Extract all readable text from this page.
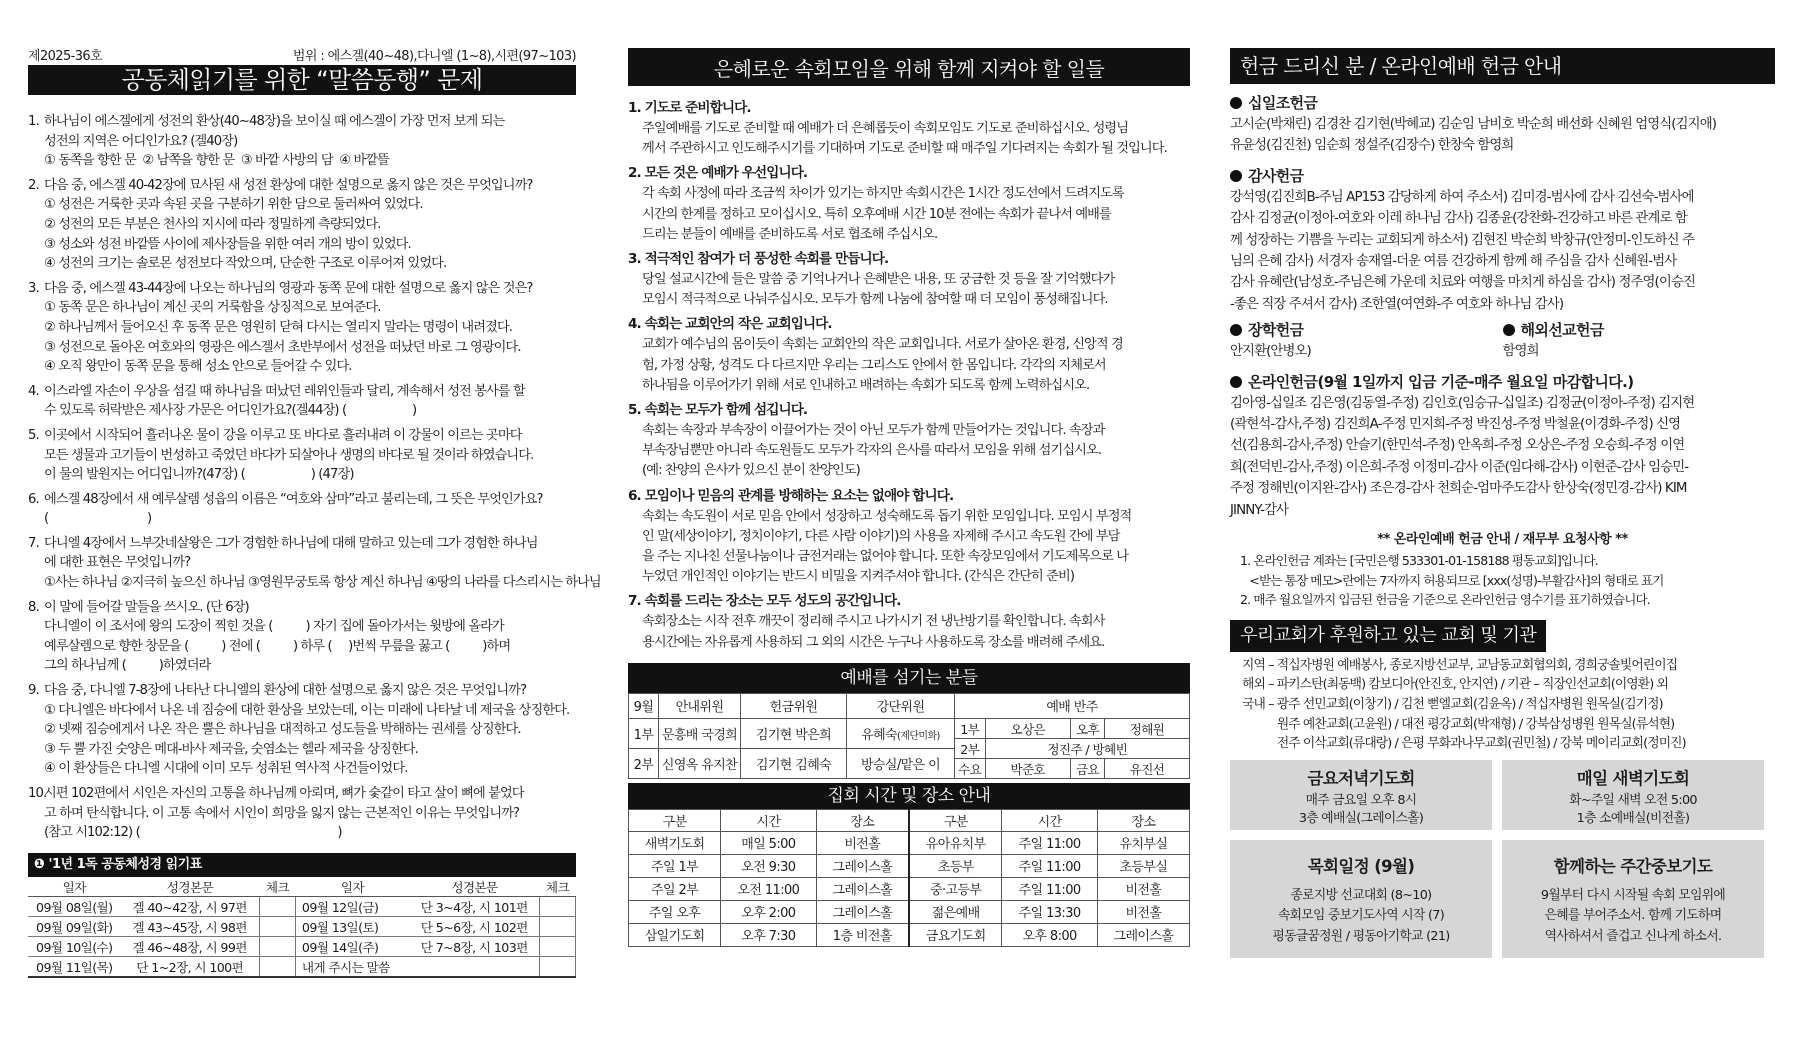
제2025-36호	범위 : 에스겔(40~48),다니엘 (1~8),시편(97~103)
공동체읽기를 위한 “말씀동행” 문제
1. 하나님이 에스겔에게 성전의 환상(40~48장)을 보이실 때 에스겔이 가장 먼저 보게 되는
성전의 지역은 어디인가요? (겔40장)
① 동쪽을 향한 문  ② 남쪽을 향한 문  ③ 바깥 사방의 담  ④ 바깥뜰
2. 다음 중, 에스겔 40-42장에 묘사된 새 성전 환상에 대한 설명으로 옳지 않은 것은 무엇입니까?
① 성전은 거룩한 곳과 속된 곳을 구분하기 위한 담으로 둘러싸여 있었다.
② 성전의 모든 부분은 천사의 지시에 따라 정밀하게 측량되었다.
③ 성소와 성전 바깥뜰 사이에 제사장들을 위한 여러 개의 방이 있었다.
④ 성전의 크기는 솔로몬 성전보다 작았으며, 단순한 구조로 이루어져 있었다.
3. 다음 중, 에스겔 43-44장에 나오는 하나님의 영광과 동쪽 문에 대한 설명으로 옳지 않은 것은?
① 동쪽 문은 하나님이 계신 곳의 거룩함을 상징적으로 보여준다.
② 하나님께서 들어오신 후 동쪽 문은 영원히 닫혀 다시는 열리지 말라는 명령이 내려졌다.
③ 성전으로 돌아온 여호와의 영광은 에스겔서 초반부에서 성전을 떠났던 바로 그 영광이다.
④ 오직 왕만이 동쪽 문을 통해 성소 안으로 들어갈 수 있다.
4. 이스라엘 자손이 우상을 섬길 때 하나님을 떠났던 레위인들과 달리, 계속해서 성전 봉사를 할
수 있도록 허락받은 제사장 가문은 어디인가요?(겔44장) (                    )
5. 이곳에서 시작되어 흘러나온 물이 강을 이루고 또 바다로 흘러내려 이 강물이 이르는 곳마다
모든 생물과 고기들이 번성하고 죽었던 바다가 되살아나 생명의 바다로 될 것이라 하였습니다.
이 물의 발원지는 어디입니까?(47장) (                    ) (47장)
6. 에스겔 48장에서 새 예루살렘 성읍의 이름은 “여호와 삼마”라고 불리는데, 그 뜻은 무엇인가요?
(                              )
7. 다니엘 4장에서 느부갓네살왕은 그가 경험한 하나님에 대해 말하고 있는데 그가 경험한 하나님
에 대한 표현은 무엇입니까?
①사는 하나님 ②지극히 높으신 하나님 ③영원무궁토록 항상 계신 하나님 ④땅의 나라를 다스리시는 하나님
8. 이 말에 들어갈 말들을 쓰시오. (단 6장)
다니엘이 이 조서에 왕의 도장이 찍힌 것을 (          ) 자기 집에 돌아가서는 윗방에 올라가
예루살렘으로 향한 창문을 (          ) 전에 (          ) 하루 (     )번씩 무릎을 꿇고 (          )하며
그의 하나님께 (          )하였더라
9. 다음 중, 다니엘 7-8장에 나타난 다니엘의 환상에 대한 설명으로 옳지 않은 것은 무엇입니까?
① 다니엘은 바다에서 나온 네 짐승에 대한 환상을 보았는데, 이는 미래에 나타날 네 제국을 상징한다.
② 넷째 짐승에게서 나온 작은 뿔은 하나님을 대적하고 성도들을 박해하는 권세를 상징한다.
③ 두 뿔 가진 숫양은 메대-바사 제국을, 숫염소는 헬라 제국을 상징한다.
④ 이 환상들은 다니엘 시대에 이미 모두 성취된 역사적 사건들이었다.
10.
시편 102편에서 시인은 자신의 고통을 하나님께 아뢰며, 뼈가 숯같이 타고 살이 뼈에 붙었다
고 하며 탄식합니다. 이 고통 속에서 시인이 희망을 잃지 않는 근본적인 이유는 무엇입니까?
(참고 시102:12) (                                                            )
❶ '1년 1독 공동체성경 읽기표
일자	성경본문	체크	일자	성경본문	체크
09월 08일(월)	겔 40~42장, 시 97편		09월 12일(금)	단 3~4장, 시 101편	
09월 09일(화)	겔 43~45장, 시 98편		09월 13일(토)	단 5~6장, 시 102편	
09월 10일(수)	겔 46~48장, 시 99편		09월 14일(주)	단 7~8장, 시 103편	
09월 11일(목)	단 1~2장, 시 100편		내게 주시는 말씀		
은혜로운 속회모임을 위해 함께 지켜야 할 일들
1. 기도로 준비합니다.
주일예배를 기도로 준비할 때 예배가 더 은혜롭듯이 속회모임도 기도로 준비하십시오. 성령님
께서 주관하시고 인도해주시기를 기대하며 기도로 준비할 때 매주일 기다려지는 속회가 될 것입니다.
2. 모든 것은 예배가 우선입니다.
각 속회 사정에 따라 조금씩 차이가 있기는 하지만 속회시간은 1시간 정도선에서 드려지도록
시간의 한계를 정하고 모이십시오. 특히 오후예배 시간 10분 전에는 속회가 끝나서 예배를
드리는 분들이 예배를 준비하도록 서로 협조해 주십시오.
3. 적극적인 참여가 더 풍성한 속회를 만듭니다.
당일 설교시간에 들은 말씀 중 기억나거나 은혜받은 내용, 또 궁금한 것 등을 잘 기억했다가
모임시 적극적으로 나눠주십시오. 모두가 함께 나눔에 참여할 때 더 모임이 풍성해집니다.
4. 속회는 교회안의 작은 교회입니다.
교회가 예수님의 몸이듯이 속회는 교회안의 작은 교회입니다. 서로가 살아온 환경, 신앙적 경
험, 가정 상황, 성격도 다 다르지만 우리는 그리스도 안에서 한 몸입니다. 각각의 지체로서
하나됨을 이루어가기 위해 서로 인내하고 배려하는 속회가 되도록 함께 노력하십시오.
5. 속회는 모두가 함께 섬깁니다.
속회는 속장과 부속장이 이끌어가는 것이 아닌 모두가 함께 만들어가는 것입니다. 속장과
부속장님뿐만 아니라 속도원들도 모두가 각자의 은사를 따라서 모임을 위해 섬기십시오.
(예: 찬양의 은사가 있으신 분이 찬양인도)
6. 모임이나 믿음의 관계를 방해하는 요소는 없애야 합니다.
속회는 속도원이 서로 믿음 안에서 성장하고 성숙해도록 돕기 위한 모임입니다. 모임시 부정적
인 말(세상이야기, 정치이야기, 다른 사람 이야기)의 사용을 자제해 주시고 속도원 간에 부담
을 주는 지나친 선물나눔이나 금전거래는 없어야 합니다. 또한 속장모임에서 기도제목으로 나
누었던 개인적인 이야기는 반드시 비밀을 지켜주셔야 합니다. (간식은 간단히 준비)
7. 속회를 드리는 장소는 모두 성도의 공간입니다.
속회장소는 시작 전후 깨끗이 정리해 주시고 나가시기 전 냉난방기를 확인합니다. 속회사
용시간에는 자유롭게 사용하되 그 외의 시간은 누구나 사용하도록 장소를 배려해 주세요.
예배를 섬기는 분들
9월	안내위원	헌금위원	강단위원	예배 반주
1부	문흥배 국경희	김기현 박은희	유혜숙(제단미화)	1부	오상은	오후	정해원
2부	정진주 / 방혜빈
수요	박준호	금요	유진선

2부	신영옥 유지찬	김기현 김혜숙	방승실/맡은 이
집회 시간 및 장소 안내
구분	시간	장소	구분	시간	장소
새벽기도회	매일 5:00	비전홀	유아유치부	주일 11:00	유치부실
주일 1부	오전 9:30	그레이스홀	초등부	주일 11:00	초등부실
주일 2부	오전 11:00	그레이스홀	중·고등부	주일 11:00	비전홀
주일 오후	오후 2:00	그레이스홀	젊은예배	주일 13:30	비전홀
삼일기도회	오후 7:30	1층 비전홀	금요기도회	오후 8:00	그레이스홀
헌금 드리신 분 / 온라인예배 헌금 안내
십일조헌금
고시순(박채린) 김경찬 김기현(박혜교) 김순임 남비호 박순희 배선화 신혜원 엄영식(김지애)
유윤성(김진천) 임순희 정설주(김장수) 한창숙 함영희
감사헌금
강석영(김진희B-주님 AP153 감당하게 하여 주소서) 김미경-범사에 감사 김선숙-범사에
감사 김정균(이정아-여호와 이레 하나님 감사) 김종윤(강찬화-건강하고 바른 관계로 함
께 성장하는 기쁨을 누리는 교회되게 하소서) 김현진 박순희 박창규(안정미-인도하신 주
님의 은혜 감사) 서경자 송재열-더운 여름 건강하게 함께 해 주심을 감사 신혜원-범사
감사 유혜란(남성호-주님은혜 가운데 치료와 여행을 마치게 하심을 감사) 정주영(이승진
-좋은 직장 주셔서 감사) 조한열(여연화-주 여호와 하나님 감사)
장학헌금
안지환(안병오)
해외선교헌금
함영희
온라인헌금(9월 1일까지 입금 기준-매주 월요일 마감합니다.)
김아영-십일조 김은영(김동열-주정) 김인호(임승규-십일조) 김정균(이정아-주정) 김지현
(곽현석-감사,주정) 김진희A-주정 민지희-주정 박진성-주정 박철윤(이경화-주정) 신영
선(김용희-감사,주정) 안슬기(한민석-주정) 안옥희-주정 오상은-주정 오승희-주정 이연
희(전덕빈-감사,주정) 이은희-주정 이정미-감사 이준(임다해-감사) 이현준-감사 임승민-
주정 정해빈(이지완-감사) 조은경-감사 천희순-엄마주도감사 한상숙(정민경-감사) KIM
JINNY-감사
** 온라인예배 헌금 안내 / 재무부 요청사항 **
1. 온라인헌금 계좌는 [국민은행 533301-01-158188 평동교회]입니다.
<받는 통장 메모>란에는 7자까지 허용되므로 [xxx(성명)-부활감사]의 형태로 표기
2. 매주 월요일까지 입금된 헌금을 기준으로 온라인헌금 영수기를 표기하였습니다.
우리교회가 후원하고 있는 교회 및 기관
지역 – 적십자병원 예배봉사, 종로지방선교부, 교남동교회협의회, 경희궁솔빛어린이집
해외 – 파키스탄(최동백) 캄보디아(안진호, 안지연) / 기관 – 직장인선교회(이영환) 외
국내 – 광주 선민교회(이창기) / 김천 뻗엘교회(김윤옥) / 적십자병원 원목실(김기정)
원주 예찬교회(고윤원) / 대전 평강교회(박재형) / 강북삼성병원 원목실(류석현)
전주 이삭교회(류대랑) / 은평 무화과나무교회(권민철) / 강북 메이리교회(정미진)
금요저녁기도회
매주 금요일 오후 8시
3층 예배실(그레이스홀)
매일 새벽기도회
화~주일 새벽 오전 5:00
1층 소예배실(비전홀)
목회일정 (9월)
종로지방 선교대회 (8~10)
속회모임 중보기도사역 시작 (7)
평동글꿈정원 / 평동아기학교 (21)
함께하는 주간중보기도
9월부터 다시 시작될 속회 모임위에
은혜를 부어주소서. 함께 기도하며
역사하셔서 즐겁고 신나게 하소서.
